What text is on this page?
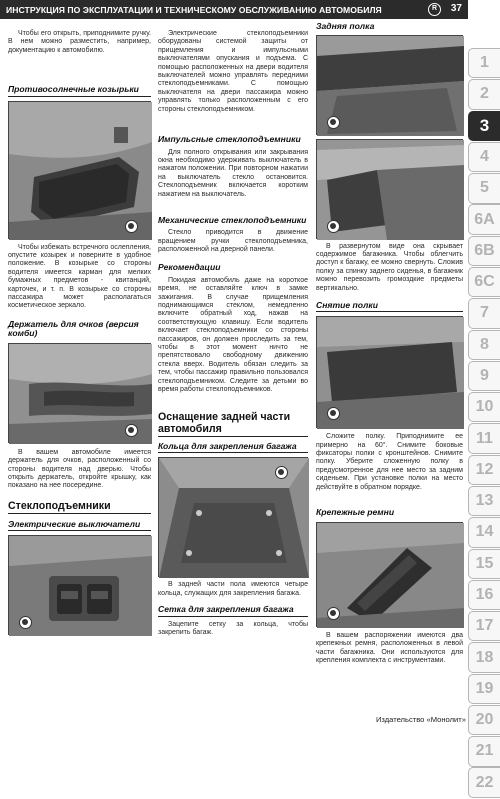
ИНСТРУКЦИЯ ПО ЭКСПЛУАТАЦИИ И ТЕХНИЧЕСКОМУ ОБСЛУЖИВАНИЮ АВТОМОБИЛЯ	R	37
1
2
3
4
5
6A
6B
6C
7
8
9
10
11
12
13
14
15
16
17
18
19
20
21
22

Чтобы его открыть, приподнимите ручку. В нем можно разместить, например, документацию к автомобилю.

Противосолнечные козырьки

Чтобы избежать встречного ослепления, опустите козырек и поверните в удобное положение. В козырьке со стороны водителя имеется карман для мелких бумажных предметов - квитанций, карточек, и т. п. В козырьке со стороны пассажира может располагаться косметическое зеркало.

Держатель для очков (версия комби)

В вашем автомобиле имеется держатель для очков, расположенный со стороны водителя над дверью. Чтобы открыть держатель, откройте крышку, как показано на нее посередине.

Стеклоподъемники
Электрические выключатели

Электрические стеклоподъемники оборудованы системой защиты от прищемления и импульсными выключателями опускания и подъема. С помощью расположенных на двери водителя выключателей можно управлять передними стеклоподъемниками. С помощью выключателя на двери пассажира можно управлять только расположенным с его стороны стеклоподъемником.

Импульсные стеклоподъемники

Для полного открывания или закрывания окна необходимо удерживать выключатель в нажатом положении. При повторном нажатии на выключатель стекло остановится. Стеклоподъемник включается коротким нажатием на выключатель.

Механические стеклоподъемники

Стекло приводится в движение вращением ручки стеклоподъемника, расположенной на дверной панели.

Рекомендации

Покидая автомобиль даже на короткое время, не оставляйте ключ в замке зажигания. В случае прищемления поднимающимся стеклом, немедленно включите обратный ход, нажав на соответствующую клавишу. Если водитель включает стеклоподъемники со стороны пассажиров, он должен проследить за тем, чтобы в этот момент ничто не препятствовало свободному движению стекла вверх. Водитель обязан следить за тем, чтобы пассажир правильно пользовался стеклоподъемником. Следите за детьми во время работы стеклоподъемников.

Оснащение задней части автомобиля
Кольца для закрепления багажа

В задней части пола имеются четыре кольца, служащих для закрепления багажа.

Сетка для закрепления багажа

Зацепите сетку за кольца, чтобы закрепить багаж.

Задняя полка

В развернутом виде она скрывает содержимое багажника. Чтобы облегчить доступ к багажу, ее можно свернуть. Сложив полку за спинку заднего сиденья, в багажник можно перевозить громоздкие предметы вертикально.

Снятие полки

Сложите полку. Приподнимите ее примерно на 60°. Снимите боковые фиксаторы полки с кронштейнов. Снимите полку. Уберите сложенную полку в предусмотренное для нее место за задним сиденьем. При установке полки на место действуйте в обратном порядке.

Крепежные ремни

В вашем распоряжении имеются два крепежных ремня, расположенных в левой части багажника. Они используются для крепления комплекта с инструментами.

Издательство «Монолит»
